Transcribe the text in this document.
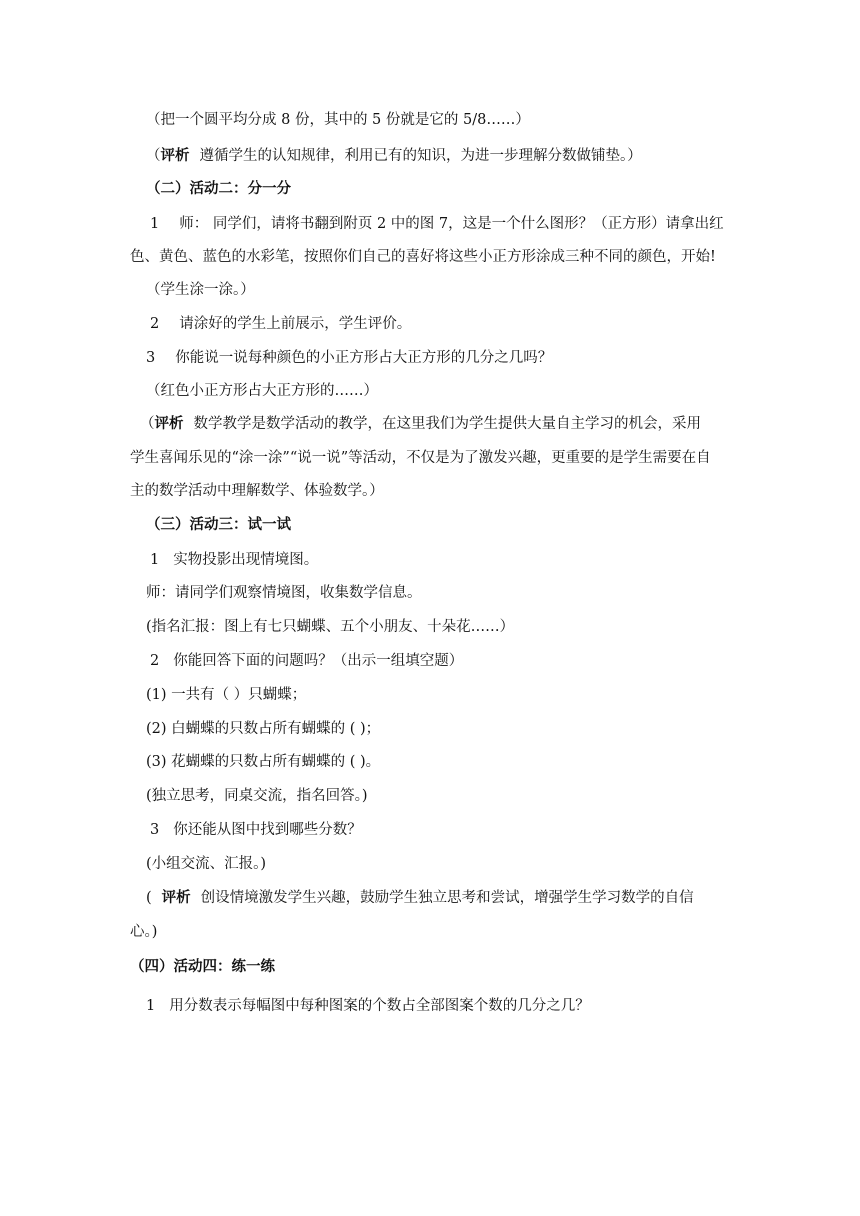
（把一个圆平均分成 8 份，其中的 5 份就是它的 5/8……）
（评析 遵循学生的认知规律，利用已有的知识，为进一步理解分数做铺垫。）
（二）活动二：分一分
1 师： 同学们，请将书翻到附页 2 中的图 7，这是一个什么图形？（正方形）请拿出红
色、黄色、蓝色的水彩笔，按照你们自己的喜好将这些小正方形涂成三种不同的颜色，开始!
（学生涂一涂。）
2 请涂好的学生上前展示，学生评价。
3 你能说一说每种颜色的小正方形占大正方形的几分之几吗？
（红色小正方形占大正方形的……）
（评析 数学教学是数学活动的教学，在这里我们为学生提供大量自主学习的机会，采用
学生喜闻乐见的“涂一涂”“说一说”等活动，不仅是为了激发兴趣，更重要的是学生需要在自
主的数学活动中理解数学、体验数学。）
（三）活动三：试一试
1 实物投影出现情境图。
师：请同学们观察情境图，收集数学信息。
(指名汇报：图上有七只蝴蝶、五个小朋友、十朵花……）
2 你能回答下面的问题吗？（出示一组填空题）
(1) 一共有（ ）只蝴蝶；
(2) 白蝴蝶的只数占所有蝴蝶的 ( )；
(3) 花蝴蝶的只数占所有蝴蝶的 ( )。
(独立思考，同桌交流，指名回答。)
3 你还能从图中找到哪些分数？
(小组交流、汇报。)
( 评析 创设情境激发学生兴趣，鼓励学生独立思考和尝试，增强学生学习数学的自信
心。)
（四）活动四：练一练
1 用分数表示每幅图中每种图案的个数占全部图案个数的几分之几？
